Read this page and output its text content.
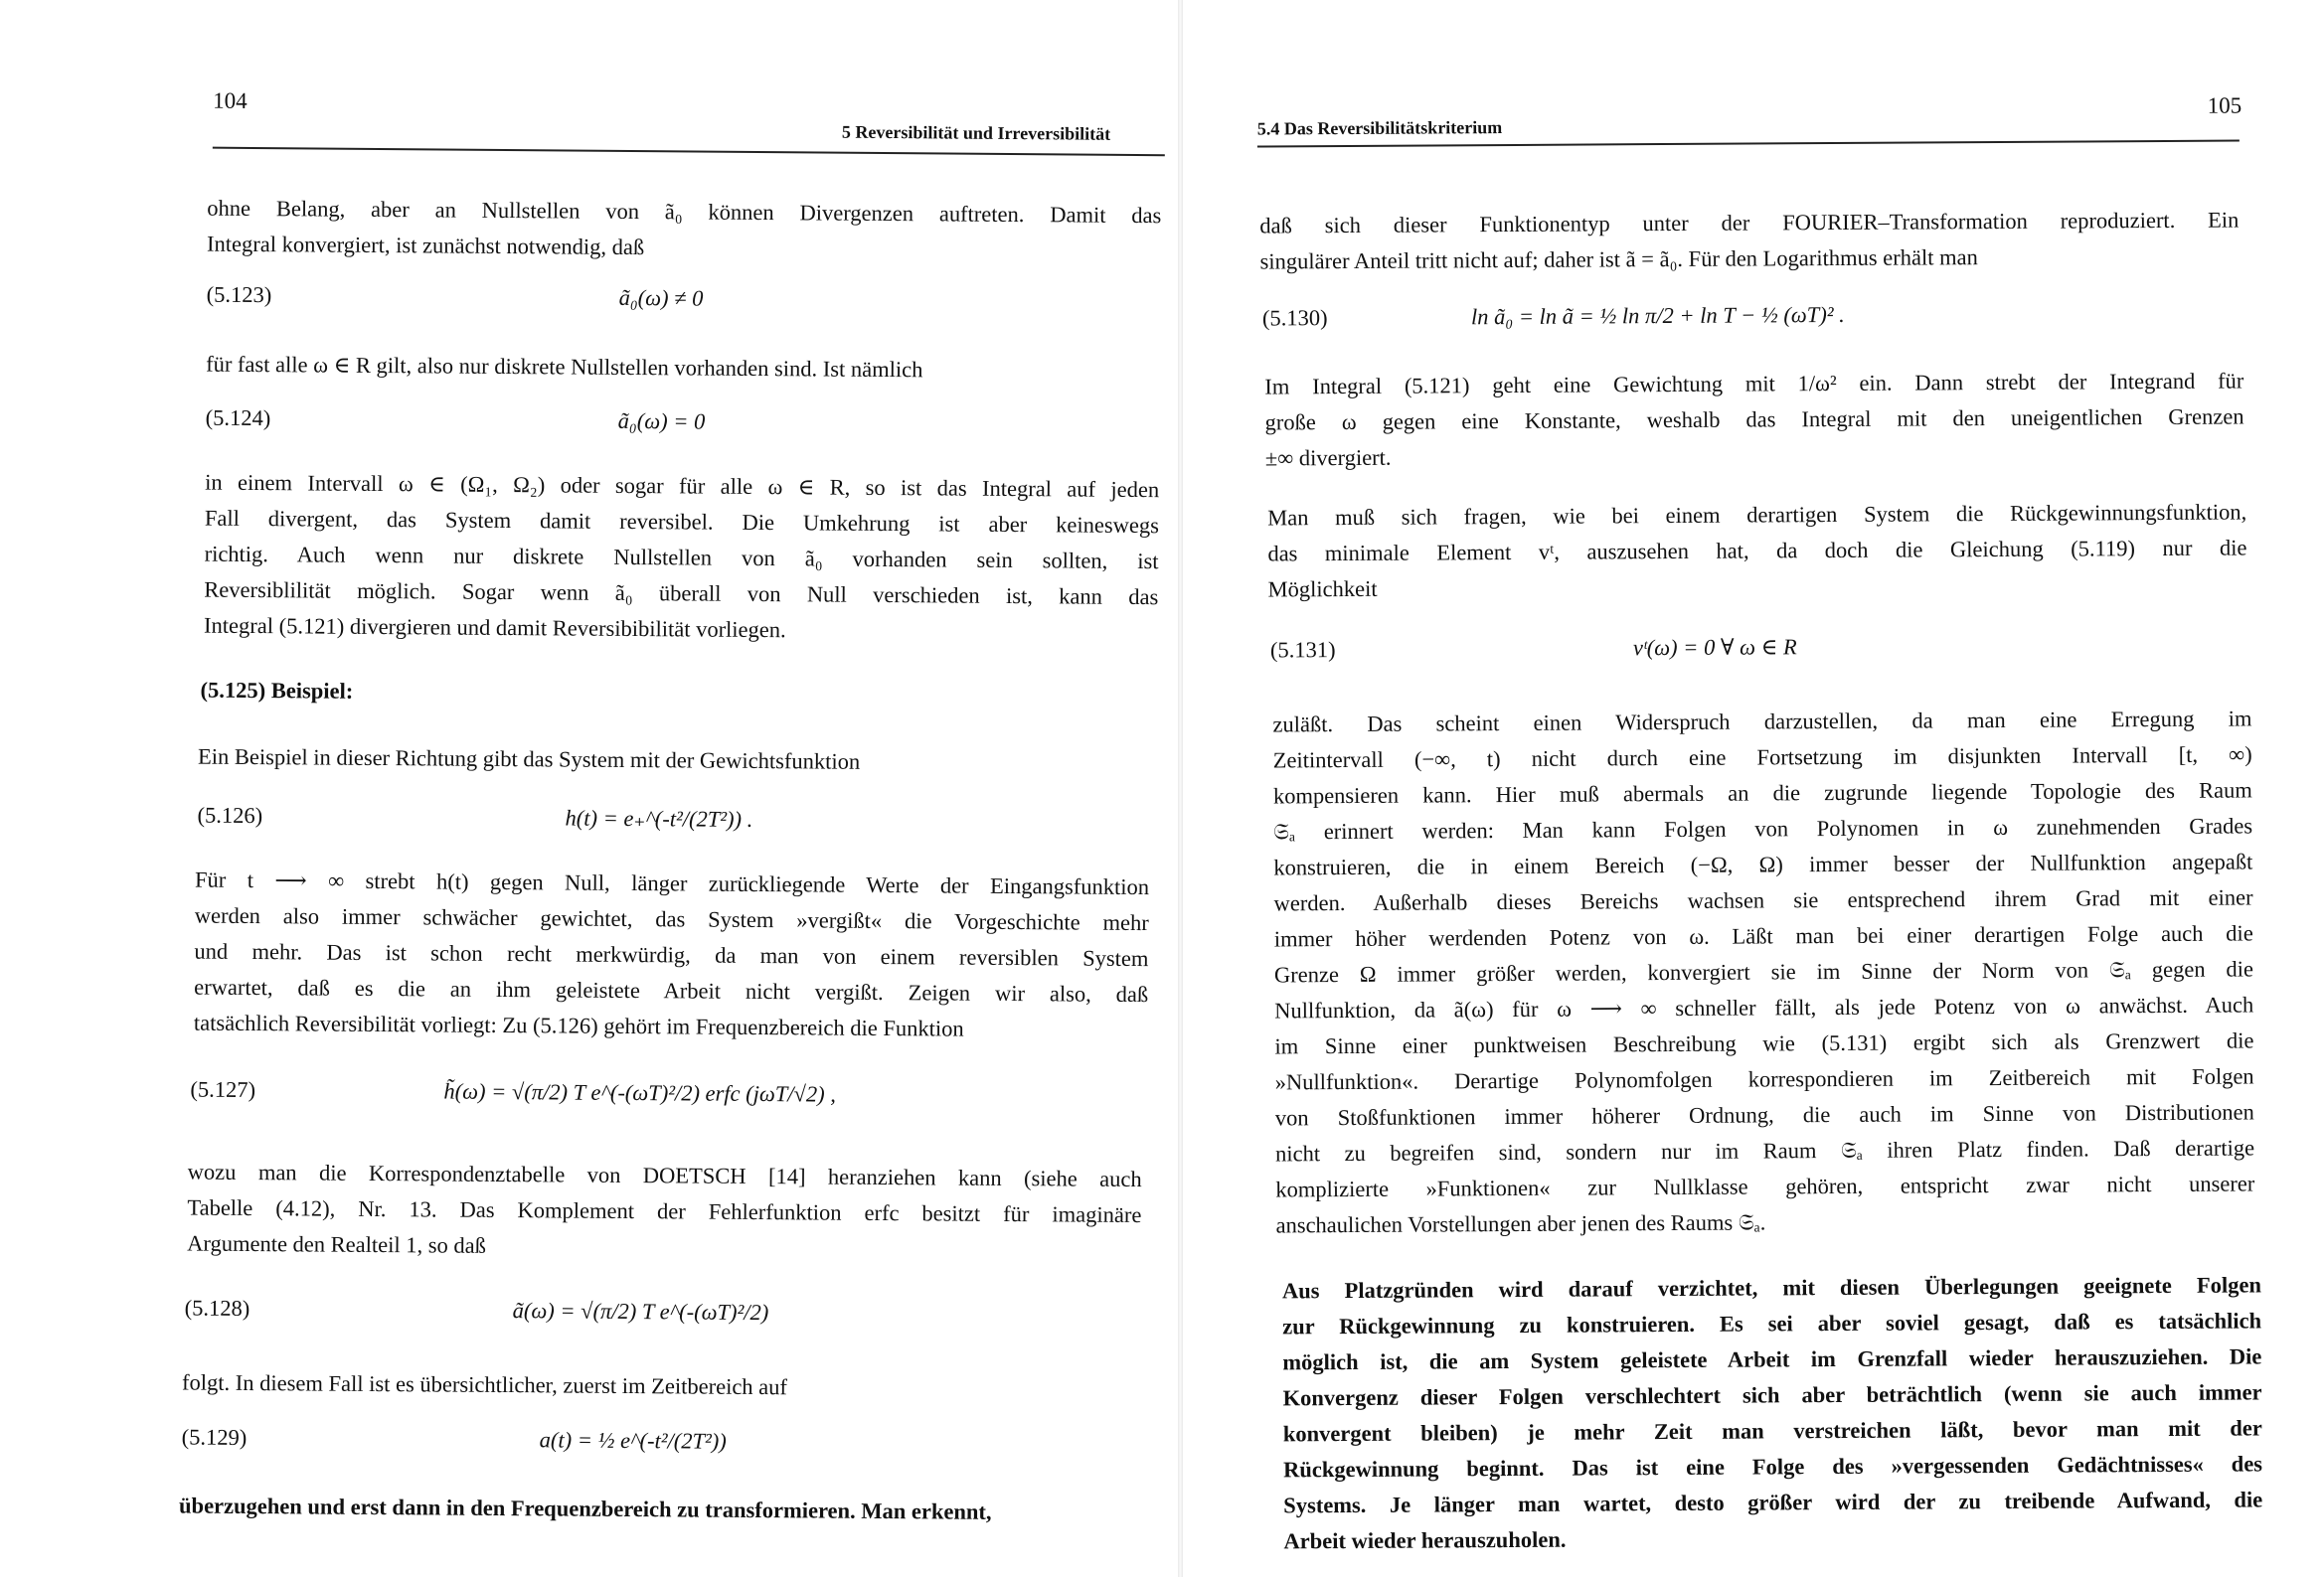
104
5 Reversibilität und Irreversibilität
ohne Belang, aber an Nullstellen von ã₀ können Divergenzen auftreten. Damit das
Integral konvergiert, ist zunächst notwendig, daß
(5.123)	ã₀(ω) ≠ 0
für fast alle ω ∈ R gilt, also nur diskrete Nullstellen vorhanden sind. Ist nämlich
(5.124)	ã₀(ω) = 0
in einem Intervall ω ∈ (Ω₁, Ω₂) oder sogar für alle ω ∈ R, so ist das Integral auf jeden
Fall divergent, das System damit reversibel. Die Umkehrung ist aber keineswegs
richtig. Auch wenn nur diskrete Nullstellen von ã₀ vorhanden sein sollten, ist
Reversiblilität möglich. Sogar wenn ã₀ überall von Null verschieden ist, kann das
Integral (5.121) divergieren und damit Reversibibilität vorliegen.
(5.125) Beispiel:
Ein Beispiel in dieser Richtung gibt das System mit der Gewichtsfunktion
(5.126)	h(t) = e₊^(-t²/(2T²)) .
Für t ⟶ ∞ strebt h(t) gegen Null, länger zurückliegende Werte der Eingangsfunktion
werden also immer schwächer gewichtet, das System »vergißt« die Vorgeschichte mehr
und mehr. Das ist schon recht merkwürdig, da man von einem reversiblen System
erwartet, daß es die an ihm geleistete Arbeit nicht vergißt. Zeigen wir also, daß
tatsächlich Reversibilität vorliegt: Zu (5.126) gehört im Frequenzbereich die Funktion
(5.127)	h̃(ω) = √(π/2) T e^(-(ωT)²/2) erfc (jωT/√2) ,
wozu man die Korrespondenztabelle von DOETSCH [14] heranziehen kann (siehe auch
Tabelle (4.12), Nr. 13. Das Komplement der Fehlerfunktion erfc besitzt für imaginäre
Argumente den Realteil 1, so daß
(5.128)	ã(ω) = √(π/2) T e^(-(ωT)²/2)
folgt. In diesem Fall ist es übersichtlicher, zuerst im Zeitbereich auf
(5.129)	a(t) = ½ e^(-t²/(2T²))
überzugehen und erst dann in den Frequenzbereich zu transformieren. Man erkennt,
105
5.4 Das Reversibilitätskriterium
daß sich dieser Funktionentyp unter der FOURIER–Transformation reproduziert. Ein
singulärer Anteil tritt nicht auf; daher ist ã = ã₀. Für den Logarithmus erhält man
(5.130)	ln ã₀ = ln ã = ½ ln π/2 + ln T − ½ (ωT)² .
Im Integral (5.121) geht eine Gewichtung mit 1/ω² ein. Dann strebt der Integrand für
große ω gegen eine Konstante, weshalb das Integral mit den uneigentlichen Grenzen
±∞ divergiert.
Man muß sich fragen, wie bei einem derartigen System die Rückgewinnungsfunktion,
das minimale Element vᵗ, auszusehen hat, da doch die Gleichung (5.119) nur die
Möglichkeit
(5.131)	vᵗ(ω) = 0 ∀ ω ∈ R
zuläßt. Das scheint einen Widerspruch darzustellen, da man eine Erregung im
Zeitintervall (−∞, t) nicht durch eine Fortsetzung im disjunkten Intervall [t, ∞)
kompensieren kann. Hier muß abermals an die zugrunde liegende Topologie des Raum
𝔖ₐ erinnert werden: Man kann Folgen von Polynomen in ω zunehmenden Grades
konstruieren, die in einem Bereich (−Ω, Ω) immer besser der Nullfunktion angepaßt
werden. Außerhalb dieses Bereichs wachsen sie entsprechend ihrem Grad mit einer
immer höher werdenden Potenz von ω. Läßt man bei einer derartigen Folge auch die
Grenze Ω immer größer werden, konvergiert sie im Sinne der Norm von 𝔖ₐ gegen die
Nullfunktion, da ã(ω) für ω ⟶ ∞ schneller fällt, als jede Potenz von ω anwächst. Auch
im Sinne einer punktweisen Beschreibung wie (5.131) ergibt sich als Grenzwert die
»Nullfunktion«. Derartige Polynomfolgen korrespondieren im Zeitbereich mit Folgen
von Stoßfunktionen immer höherer Ordnung, die auch im Sinne von Distributionen
nicht zu begreifen sind, sondern nur im Raum 𝔖ₐ ihren Platz finden. Daß derartige
komplizierte »Funktionen« zur Nullklasse gehören, entspricht zwar nicht unserer
anschaulichen Vorstellungen aber jenen des Raums 𝔖ₐ.
Aus Platzgründen wird darauf verzichtet, mit diesen Überlegungen geeignete Folgen
zur Rückgewinnung zu konstruieren. Es sei aber soviel gesagt, daß es tatsächlich
möglich ist, die am System geleistete Arbeit im Grenzfall wieder herauszuziehen. Die
Konvergenz dieser Folgen verschlechtert sich aber beträchtlich (wenn sie auch immer
konvergent bleiben) je mehr Zeit man verstreichen läßt, bevor man mit der
Rückgewinnung beginnt. Das ist eine Folge des »vergessenden Gedächtnisses« des
Systems. Je länger man wartet, desto größer wird der zu treibende Aufwand, die
Arbeit wieder herauszuholen.
